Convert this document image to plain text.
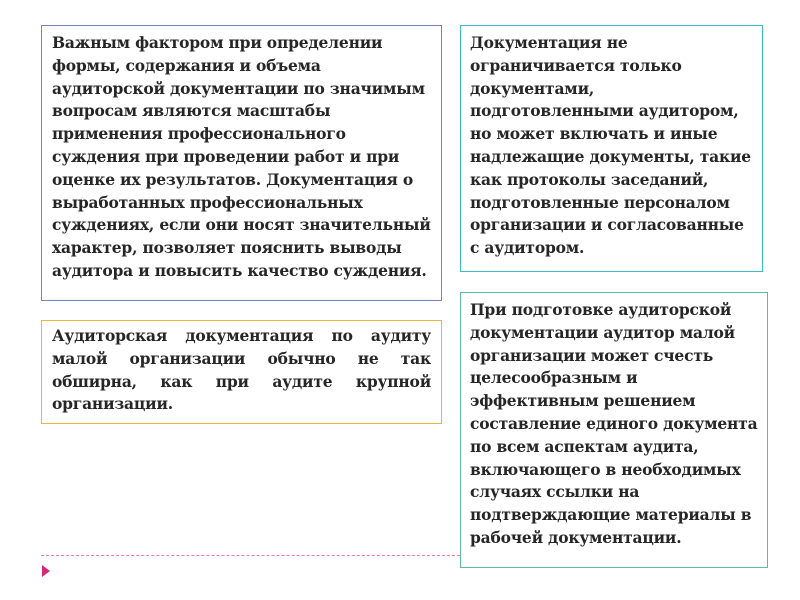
Важным фактором при определении
формы, содержания и объема
аудиторской документации по значимым
вопросам являются масштабы
применения профессионального
суждения при проведении работ и при
оценке их результатов. Документация о
выработанных профессиональных
суждениях, если они носят значительный
характер, позволяет пояснить выводы
аудитора и повысить качество суждения.
Документация не
ограничивается только
документами,
подготовленными аудитором,
но может включать и иные
надлежащие документы, такие
как протоколы заседаний,
подготовленные персоналом
организации и согласованные
с аудитором.
Аудиторская документация по аудиту
малой организации обычно не так
обширна, как при аудите крупной
организации.
При подготовке аудиторской
документации аудитор малой
организации может счесть
целесообразным и
эффективным решением
составление единого документа
по всем аспектам аудита,
включающего в необходимых
случаях ссылки на
подтверждающие материалы в
рабочей документации.
